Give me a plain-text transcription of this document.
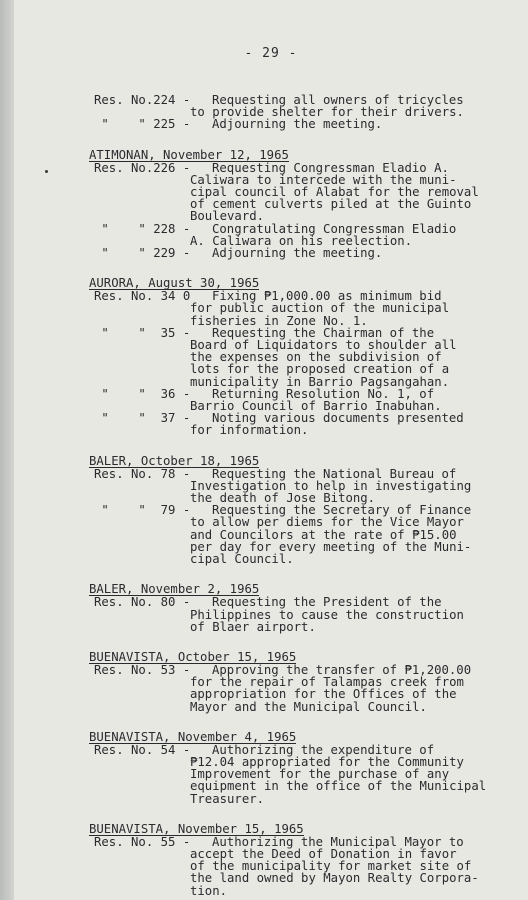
- 29 -
Res. No.224 - Requesting all owners of tricycles
to provide shelter for their drivers.
"    " 225 - Adjourning the meeting.
ATIMONAN, November 12, 1965
Res. No.226 - Requesting Congressman Eladio A.
Caliwara to intercede with the muni-
cipal council of Alabat for the removal
of cement culverts piled at the Guinto
Boulevard.
"    " 228 - Congratulating Congressman Eladio
A. Caliwara on his reelection.
"    " 229 - Adjourning the meeting.
AURORA, August 30, 1965
Res. No. 34 0 Fixing ₱1,000.00 as minimum bid
for public auction of the municipal
fisheries in Zone No. 1.
"    "  35 - Requesting the Chairman of the
Board of Liquidators to shoulder all
the expenses on the subdivision of
lots for the proposed creation of a
municipality in Barrio Pagsangahan.
"    "  36 - Returning Resolution No. 1, of
Barrio Council of Barrio Inabuhan.
"    "  37 - Noting various documents presented
for information.
BALER, October 18, 1965
Res. No. 78 - Requesting the National Bureau of
Investigation to help in investigating
the death of Jose Bitong.
"    "  79 - Requesting the Secretary of Finance
to allow per diems for the Vice Mayor
and Councilors at the rate of ₱15.00
per day for every meeting of the Muni-
cipal Council.
BALER, November 2, 1965
Res. No. 80 - Requesting the President of the
Philippines to cause the construction
of Blaer airport.
BUENAVISTA, October 15, 1965
Res. No. 53 - Approving the transfer of ₱1,200.00
for the repair of Talampas creek from
appropriation for the Offices of the
Mayor and the Municipal Council.
BUENAVISTA, November 4, 1965
Res. No. 54 - Authorizing the expenditure of
₱12.04 appropriated for the Community
Improvement for the purchase of any
equipment in the office of the Municipal
Treasurer.
BUENAVISTA, November 15, 1965
Res. No. 55 - Authorizing the Municipal Mayor to
accept the Deed of Donation in favor
of the municipality for market site of
the land owned by Mayon Realty Corpora-
tion.
